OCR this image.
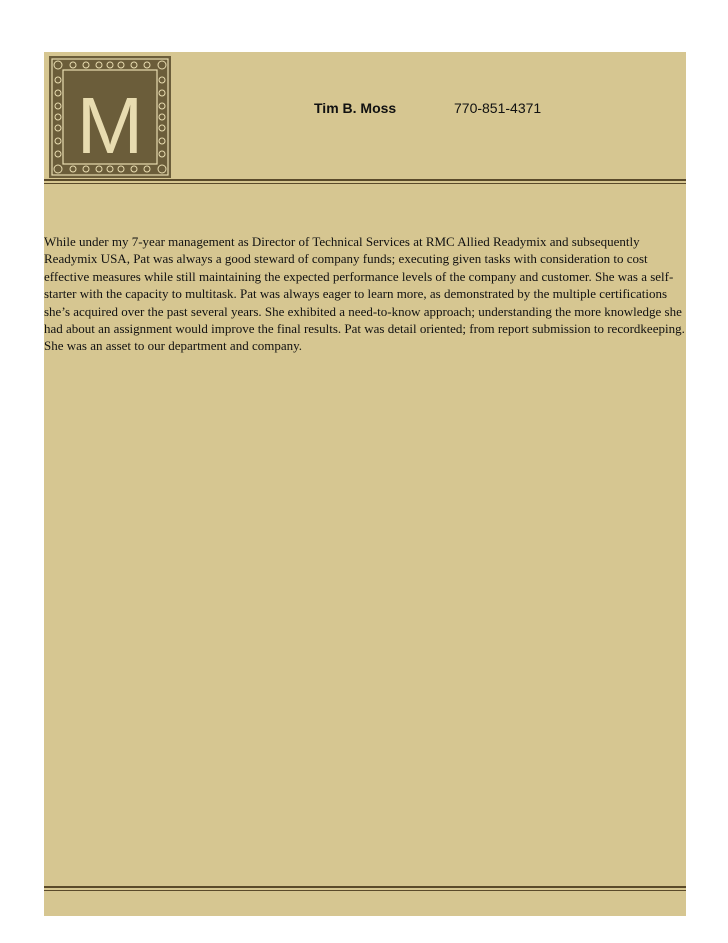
M	Tim B. Moss	770-851-4371

While under my 7-year management as Director of Technical Services at RMC Allied Readymix and subsequently Readymix USA, Pat was always a good steward of company funds; executing given tasks with consideration to cost effective measures while still maintaining the expected performance levels of the company and customer. She was a self-starter with the capacity to multitask. Pat was always eager to learn more, as demonstrated by the multiple certifications she’s acquired over the past several years. She exhibited a need-to-know approach; understanding the more knowledge she had about an assignment would improve the final results. Pat was detail oriented; from report submission to recordkeeping. She was an asset to our department and company.
